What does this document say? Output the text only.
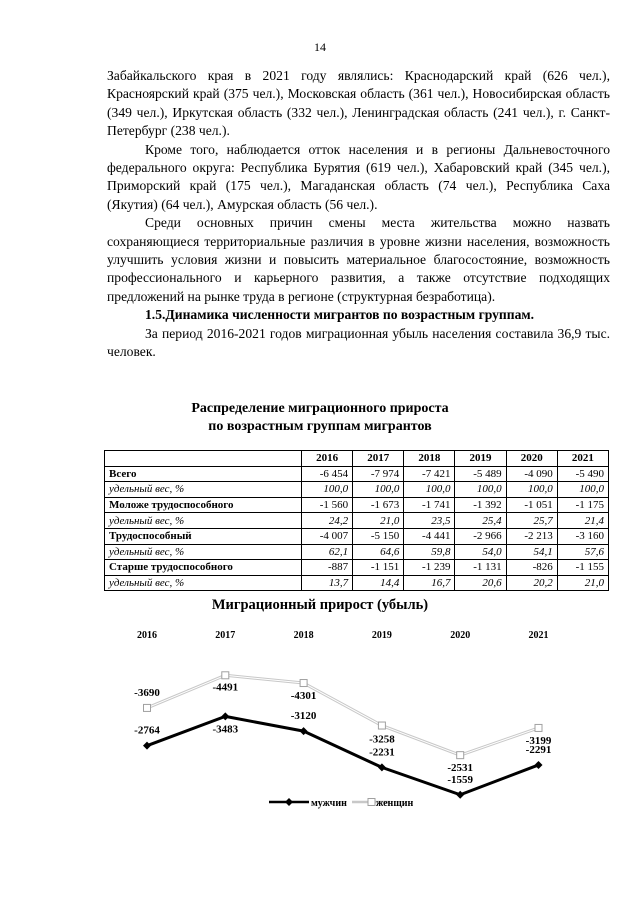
14

Забайкальского края в 2021 году являлись: Краснодарский край (626 чел.), Красноярский край (375 чел.), Московская область (361 чел.), Новосибирская область (349 чел.), Иркутская область (332 чел.), Ленинградская область (241 чел.), г. Санкт-Петербург (238 чел.).

Кроме того, наблюдается отток населения и в регионы Дальневосточного федерального округа: Республика Бурятия (619 чел.), Хабаровский край (345 чел.), Приморский край (175 чел.), Магаданская область (74 чел.), Республика Саха (Якутия) (64 чел.), Амурская область (56 чел.).

Среди основных причин смены места жительства можно назвать сохраняющиеся территориальные различия в уровне жизни населения, возможность улучшить условия жизни и повысить материальное благосостояние, возможность профессионального и карьерного развития, а также отсутствие подходящих предложений на рынке труда в регионе (структурная безработица).

1.5.Динамика численности мигрантов по возрастным группам.

За период 2016-2021 годов миграционная убыль населения составила 36,9 тыс. человек.

Распределение миграционного прироста
по возрастным группам мигрантов
	2016	2017	2018	2019	2020	2021
Всего	-6 454	-7 974	-7 421	-5 489	-4 090	-5 490
удельный вес, %	100,0	100,0	100,0	100,0	100,0	100,0
Моложе трудоспособного	-1 560	-1 673	-1 741	-1 392	-1 051	-1 175
удельный вес, %	24,2	21,0	23,5	25,4	25,7	21,4
Трудоспособный	-4 007	-5 150	-4 441	-2 966	-2 213	-3 160
удельный вес, %	62,1	64,6	59,8	54,0	54,1	57,6
Старше трудоспособного	-887	-1 151	-1 239	-1 131	-826	-1 155
удельный вес, %	13,7	14,4	16,7	20,6	20,2	21,0
Миграционный прирост (убыль)
2016	2017	2018	2019	2020	2021
-2764	-3483
-3120
-2231
-1559
-2291
-3690	-4491
-4301
-3258
-2531
-3199
мужчин	женщин
